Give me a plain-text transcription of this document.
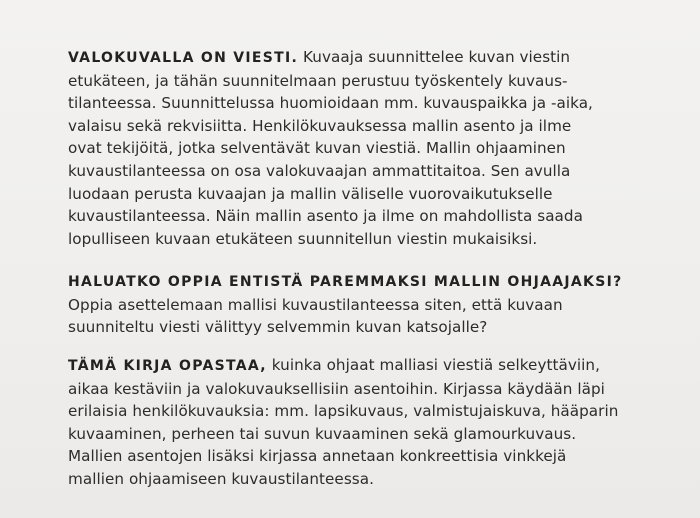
VALOKUVALLA ON VIESTI. Kuvaaja suunnittelee kuvan viestin
etukäteen, ja tähän suunnitelmaan perustuu työskentely kuvaus-
tilanteessa. Suunnittelussa huomioidaan mm. kuvauspaikka ja -aika,
valaisu sekä rekvisiitta. Henkilökuvauksessa mallin asento ja ilme
ovat tekijöitä, jotka selventävät kuvan viestiä. Mallin ohjaaminen
kuvaustilanteessa on osa valokuvaajan ammattitaitoa. Sen avulla
luodaan perusta kuvaajan ja mallin väliselle vuorovaikutukselle
kuvaustilanteessa. Näin mallin asento ja ilme on mahdollista saada
lopulliseen kuvaan etukäteen suunnitellun viestin mukaisiksi.

HALUATKO OPPIA ENTISTÄ PAREMMAKSI MALLIN OHJAAJAKSI?
Oppia asettelemaan mallisi kuvaustilanteessa siten, että kuvaan
suunniteltu viesti välittyy selvemmin kuvan katsojalle?

TÄMÄ KIRJA OPASTAA, kuinka ohjaat malliasi viestiä selkeyttäviin,
aikaa kestäviin ja valokuvauksellisiin asentoihin. Kirjassa käydään läpi
erilaisia henkilökuvauksia: mm. lapsikuvaus, valmistujaiskuva, hääparin
kuvaaminen, perheen tai suvun kuvaaminen sekä glamourkuvaus.
Mallien asentojen lisäksi kirjassa annetaan konkreettisia vinkkejä
mallien ohjaamiseen kuvaustilanteessa.
